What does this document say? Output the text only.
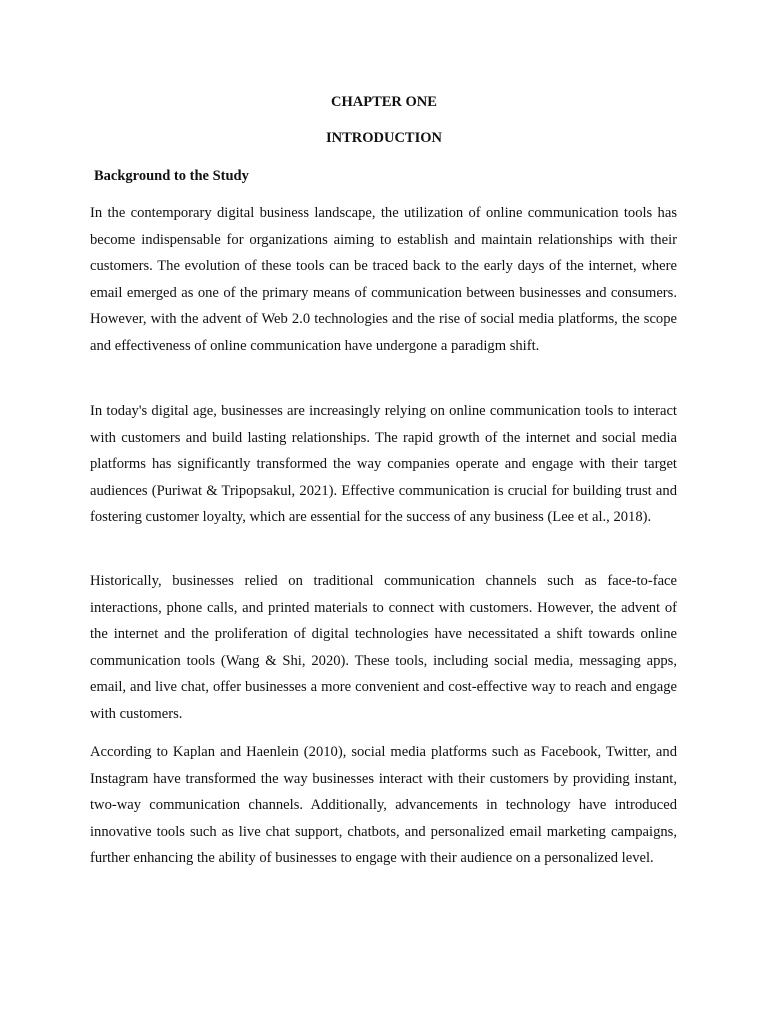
CHAPTER ONE
INTRODUCTION
Background to the Study

In the contemporary digital business landscape, the utilization of online communication tools has become indispensable for organizations aiming to establish and maintain relationships with their customers. The evolution of these tools can be traced back to the early days of the internet, where email emerged as one of the primary means of communication between businesses and consumers. However, with the advent of Web 2.0 technologies and the rise of social media platforms, the scope and effectiveness of online communication have undergone a paradigm shift.

In today's digital age, businesses are increasingly relying on online communication tools to interact with customers and build lasting relationships. The rapid growth of the internet and social media platforms has significantly transformed the way companies operate and engage with their target audiences (Puriwat & Tripopsakul, 2021). Effective communication is crucial for building trust and fostering customer loyalty, which are essential for the success of any business (Lee et al., 2018).

Historically, businesses relied on traditional communication channels such as face-to-face interactions, phone calls, and printed materials to connect with customers. However, the advent of the internet and the proliferation of digital technologies have necessitated a shift towards online communication tools (Wang & Shi, 2020). These tools, including social media, messaging apps, email, and live chat, offer businesses a more convenient and cost-effective way to reach and engage with customers.

According to Kaplan and Haenlein (2010), social media platforms such as Facebook, Twitter, and Instagram have transformed the way businesses interact with their customers by providing instant, two-way communication channels. Additionally, advancements in technology have introduced innovative tools such as live chat support, chatbots, and personalized email marketing campaigns, further enhancing the ability of businesses to engage with their audience on a personalized level.
